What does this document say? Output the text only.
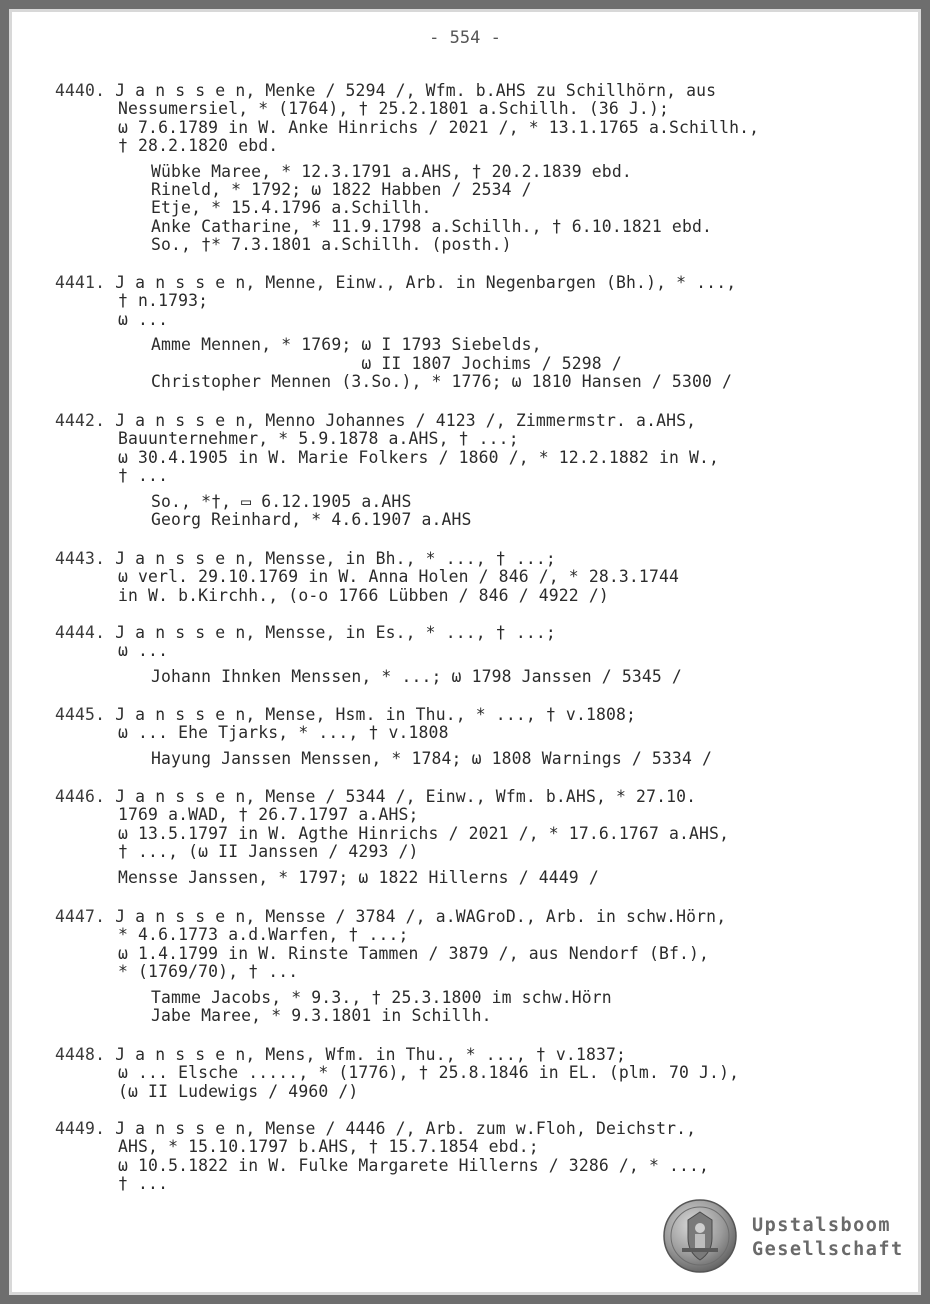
- 554 -
4440. J a n s s e n, Menke / 5294 /, Wfm. b.AHS zu Schillhörn, aus
Nessumersiel, * (1764), † 25.2.1801 a.Schillh. (36 J.);
ω 7.6.1789 in W. Anke Hinrichs / 2021 /, * 13.1.1765 a.Schillh.,
† 28.2.1820 ebd.
Wübke Maree, * 12.3.1791 a.AHS, † 20.2.1839 ebd.
Rineld, * 1792; ω 1822 Habben / 2534 /
Etje, * 15.4.1796 a.Schillh.
Anke Catharine, * 11.9.1798 a.Schillh., † 6.10.1821 ebd.
So., †* 7.3.1801 a.Schillh. (posth.)
4441. J a n s s e n, Menne, Einw., Arb. in Negenbargen (Bh.), * ...,
† n.1793;
ω ...
Amme Mennen, * 1769; ω I 1793 Siebelds,
ω II 1807 Jochims / 5298 /
Christopher Mennen (3.So.), * 1776; ω 1810 Hansen / 5300 /
4442. J a n s s e n, Menno Johannes / 4123 /, Zimmermstr. a.AHS,
Bauunternehmer, * 5.9.1878 a.AHS, † ...;
ω 30.4.1905 in W. Marie Folkers / 1860 /, * 12.2.1882 in W.,
† ...
So., *†, ▭ 6.12.1905 a.AHS
Georg Reinhard, * 4.6.1907 a.AHS
4443. J a n s s e n, Mensse, in Bh., * ..., † ...;
ω verl. 29.10.1769 in W. Anna Holen / 846 /, * 28.3.1744
in W. b.Kirchh., (o-o 1766 Lübben / 846 / 4922 /)
4444. J a n s s e n, Mensse, in Es., * ..., † ...;
ω ...
Johann Ihnken Menssen, * ...; ω 1798 Janssen / 5345 /
4445. J a n s s e n, Mense, Hsm. in Thu., * ..., † v.1808;
ω ... Ehe Tjarks, * ..., † v.1808
Hayung Janssen Menssen, * 1784; ω 1808 Warnings / 5334 /
4446. J a n s s e n, Mense / 5344 /, Einw., Wfm. b.AHS, * 27.10.
1769 a.WAD, † 26.7.1797 a.AHS;
ω 13.5.1797 in W. Agthe Hinrichs / 2021 /, * 17.6.1767 a.AHS,
† ..., (ω II Janssen / 4293 /)
Mensse Janssen, * 1797; ω 1822 Hillerns / 4449 /
4447. J a n s s e n, Mensse / 3784 /, a.WAGroD., Arb. in schw.Hörn,
* 4.6.1773 a.d.Warfen, † ...;
ω 1.4.1799 in W. Rinste Tammen / 3879 /, aus Nendorf (Bf.),
* (1769/70), † ...
Tamme Jacobs, * 9.3., † 25.3.1800 im schw.Hörn
Jabe Maree, * 9.3.1801 in Schillh.
4448. J a n s s e n, Mens, Wfm. in Thu., * ..., † v.1837;
ω ... Elsche ....., * (1776), † 25.8.1846 in EL. (plm. 70 J.),
(ω II Ludewigs / 4960 /)
4449. J a n s s e n, Mense / 4446 /, Arb. zum w.Floh, Deichstr.,
AHS, * 15.10.1797 b.AHS, † 15.7.1854 ebd.;
ω 10.5.1822 in W. Fulke Margarete Hillerns / 3286 /, * ...,
† ...
Upstalsboom
Gesellschaft
